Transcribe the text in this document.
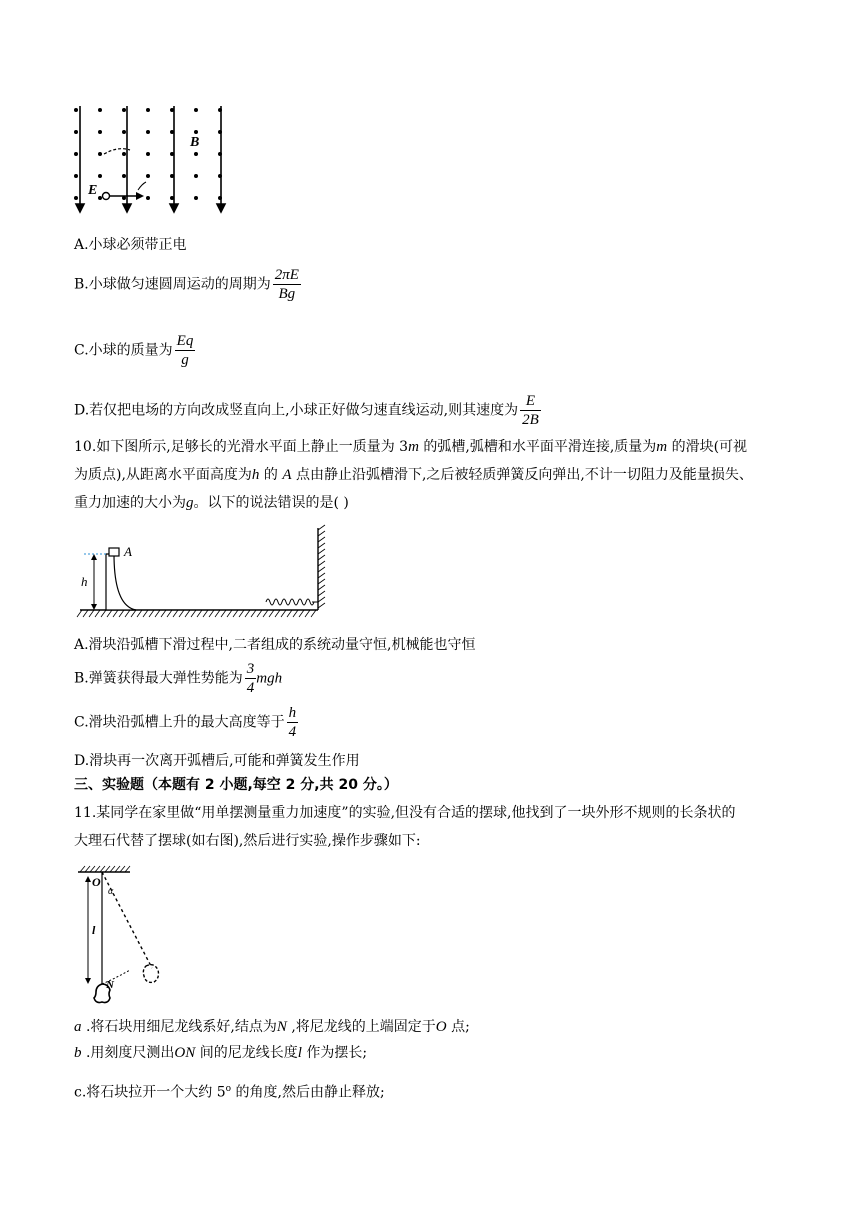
B
E
A.小球必须带正电
B.小球做匀速圆周运动的周期为 $\frac{2\pi E}{Bg}$
C.小球的质量为 $\frac{Eq}{g}$
D.若仅把电场的方向改成竖直向上,小球正好做匀速直线运动,则其速度为 $\frac{E}{2B}$
10.如下图所示,足够长的光滑水平面上静止一质量为 3m 的弧槽,弧槽和水平面平滑连接,质量为m 的滑块(可视
为质点),从距离水平面高度为h 的 A 点由静止沿弧槽滑下,之后被轻质弹簧反向弹出,不计一切阻力及能量损失、
重力加速的大小为g。以下的说法错误的是( )
A
h
A.滑块沿弧槽下滑过程中,二者组成的系统动量守恒,机械能也守恒
B.弹簧获得最大弹性势能为 $\frac{3}{4}$ mgh
C.滑块沿弧槽上升的最大高度等于 $\frac{h}{4}$
D.滑块再一次离开弧槽后,可能和弹簧发生作用
三、实验题（本题有 2 小题,每空 2 分,共 20 分。）
11.某同学在家里做“用单摆测量重力加速度”的实验,但没有合适的摆球,他找到了一块外形不规则的长条状的
大理石代替了摆球(如右图),然后进行实验,操作步骤如下:
O
α
l
N
a .将石块用细尼龙线系好,结点为N ,将尼龙线的上端固定于O 点;
b .用刻度尺测出ON 间的尼龙线长度l 作为摆长;
c.将石块拉开一个大约 5$^o$ 的角度,然后由静止释放;
